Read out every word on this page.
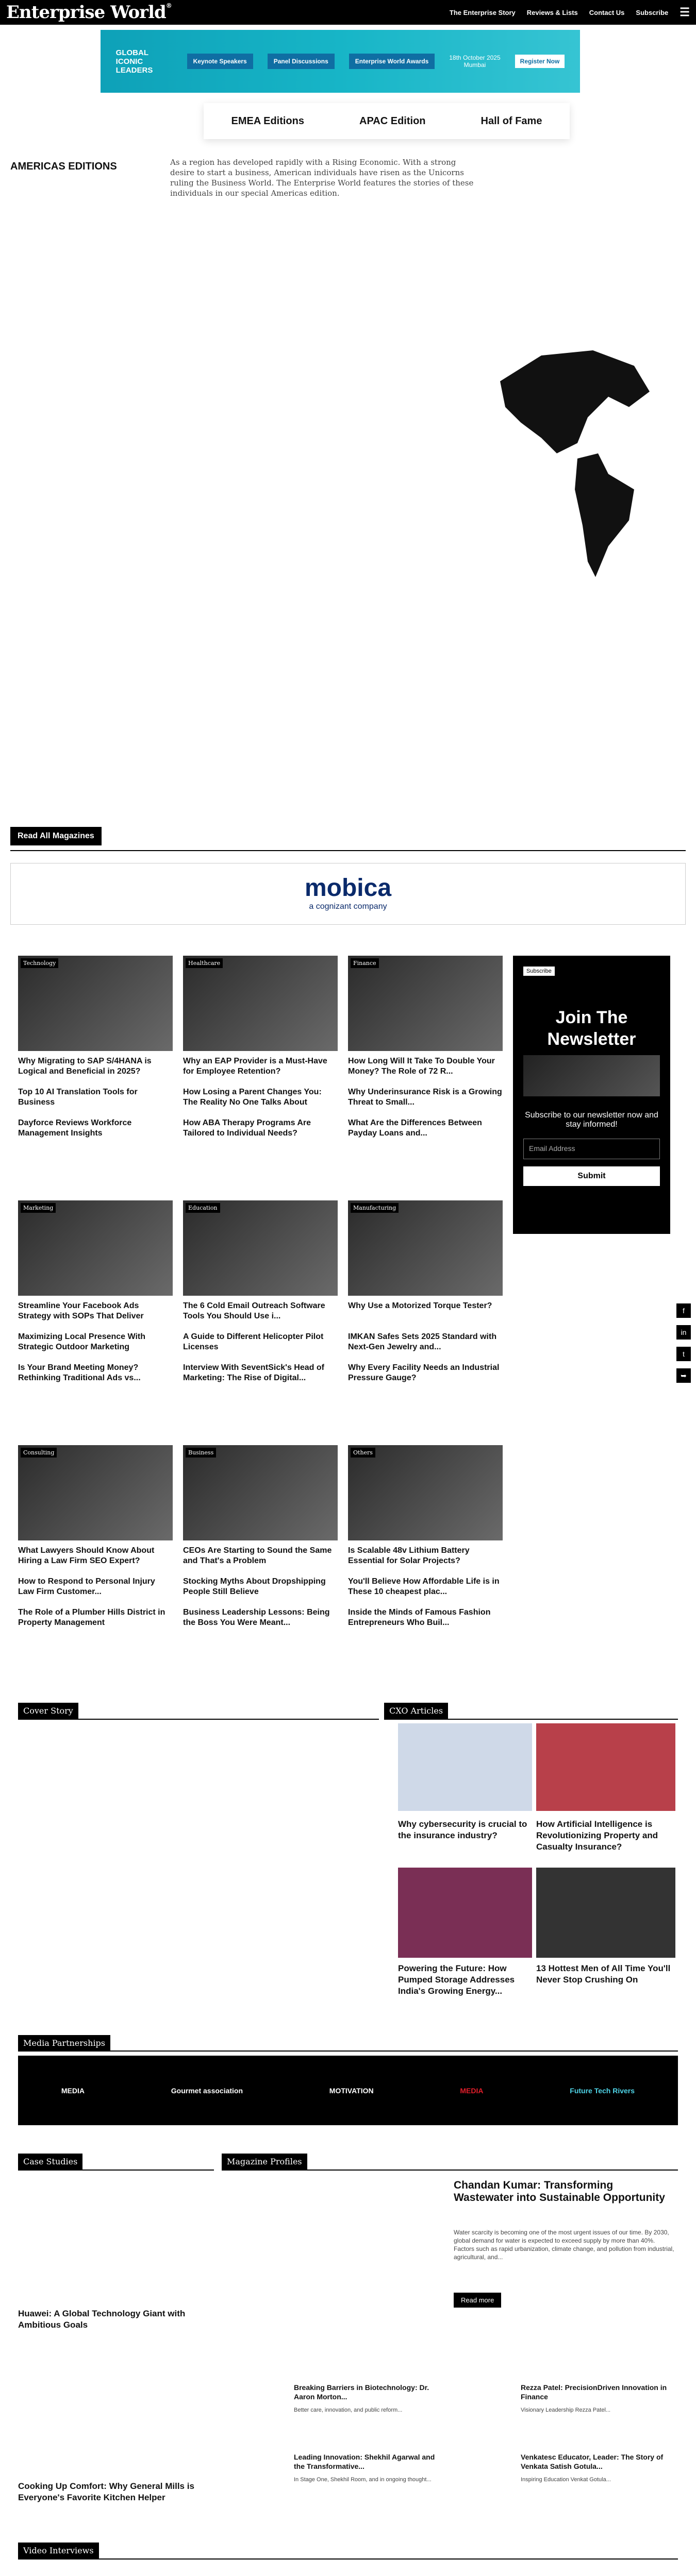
Enterprise World®
The Enterprise Story Reviews & Lists Contact Us Subscribe ☰
GLOBAL ICONIC LEADERS
Keynote Speakers	Panel Discussions	Enterprise World Awards	18th October 2025
Mumbai	Register Now
EMEA Editions	APAC Edition	Hall of Fame
AMERICAS EDITIONS	As a region has developed rapidly with a Rising Economic. With a strong desire to start a business, American individuals have risen as the Unicorns ruling the Business World. The Enterprise World features the stories of these individuals in our special Americas edition.
Read All Magazines
mobica
a cognizant company
Subscribe
Join The Newsletter

Subscribe to our newsletter now and stay informed!

Email Address
Submit
f
in
t
➥
Cover Story	CXO Articles
Why cybersecurity is crucial to the insurance industry?
How Artificial Intelligence is Revolutionizing Property and Casualty Insurance?
Powering the Future: How Pumped Storage Addresses India's Growing Energy...
13 Hottest Men of All Time You'll Never Stop Crushing On
Media Partnerships
MEDIA	Gourmet association	MOTIVATION	MEDIA	Future Tech Rivers
Case Studies
Huawei: A Global Technology Giant with Ambitious Goals
Cooking Up Comfort: Why General Mills is Everyone's Favorite Kitchen Helper
Magazine Profiles
Chandan Kumar: Transforming Wastewater into Sustainable Opportunity
Water scarcity is becoming one of the most urgent issues of our time. By 2030, global demand for water is expected to exceed supply by more than 40%. Factors such as rapid urbanization, climate change, and pollution from industrial, agricultural, and...
Read more
Video Interviews
Technology
Why Migrating to SAP S/4HANA is Logical and Beneficial in 2025?
Top 10 AI Translation Tools for Business
Dayforce Reviews Workforce Management Insights
Healthcare
Why an EAP Provider is a Must-Have for Employee Retention?
How Losing a Parent Changes You: The Reality No One Talks About
How ABA Therapy Programs Are Tailored to Individual Needs?
Finance
How Long Will It Take To Double Your Money? The Role of 72 R...
Why Underinsurance Risk is a Growing Threat to Small...
What Are the Differences Between Payday Loans and...
Marketing
Streamline Your Facebook Ads Strategy with SOPs That Deliver
Maximizing Local Presence With Strategic Outdoor Marketing
Is Your Brand Meeting Money? Rethinking Traditional Ads vs...
Education
The 6 Cold Email Outreach Software Tools You Should Use i...
A Guide to Different Helicopter Pilot Licenses
Interview With SeventSick's Head of Marketing: The Rise of Digital...
Manufacturing
Why Use a Motorized Torque Tester?
IMKAN Safes Sets 2025 Standard with Next-Gen Jewelry and...
Why Every Facility Needs an Industrial Pressure Gauge?
Consulting
What Lawyers Should Know About Hiring a Law Firm SEO Expert?
How to Respond to Personal Injury Law Firm Customer...
The Role of a Plumber Hills District in Property Management
Business
CEOs Are Starting to Sound the Same and That's a Problem
Stocking Myths About Dropshipping People Still Believe
Business Leadership Lessons: Being the Boss You Were Meant...
Others
Is Scalable 48v Lithium Battery Essential for Solar Projects?
You'll Believe How Affordable Life is in These 10 cheapest plac...
Inside the Minds of Famous Fashion Entrepreneurs Who Buil...
Breaking Barriers in Biotechnology: Dr. Aaron Morton...
Better care, innovation, and public reform...
Rezza Patel: PrecisionDriven Innovation in Finance
Visionary Leadership Rezza Patel...
Leading Innovation: Shekhil Agarwal and the Transformative...
In Stage One, Shekhil Room, and in ongoing thought...
Venkatesc Educator, Leader: The Story of Venkata Satish Gotula...
Inspiring Education Venkat Gotula...
